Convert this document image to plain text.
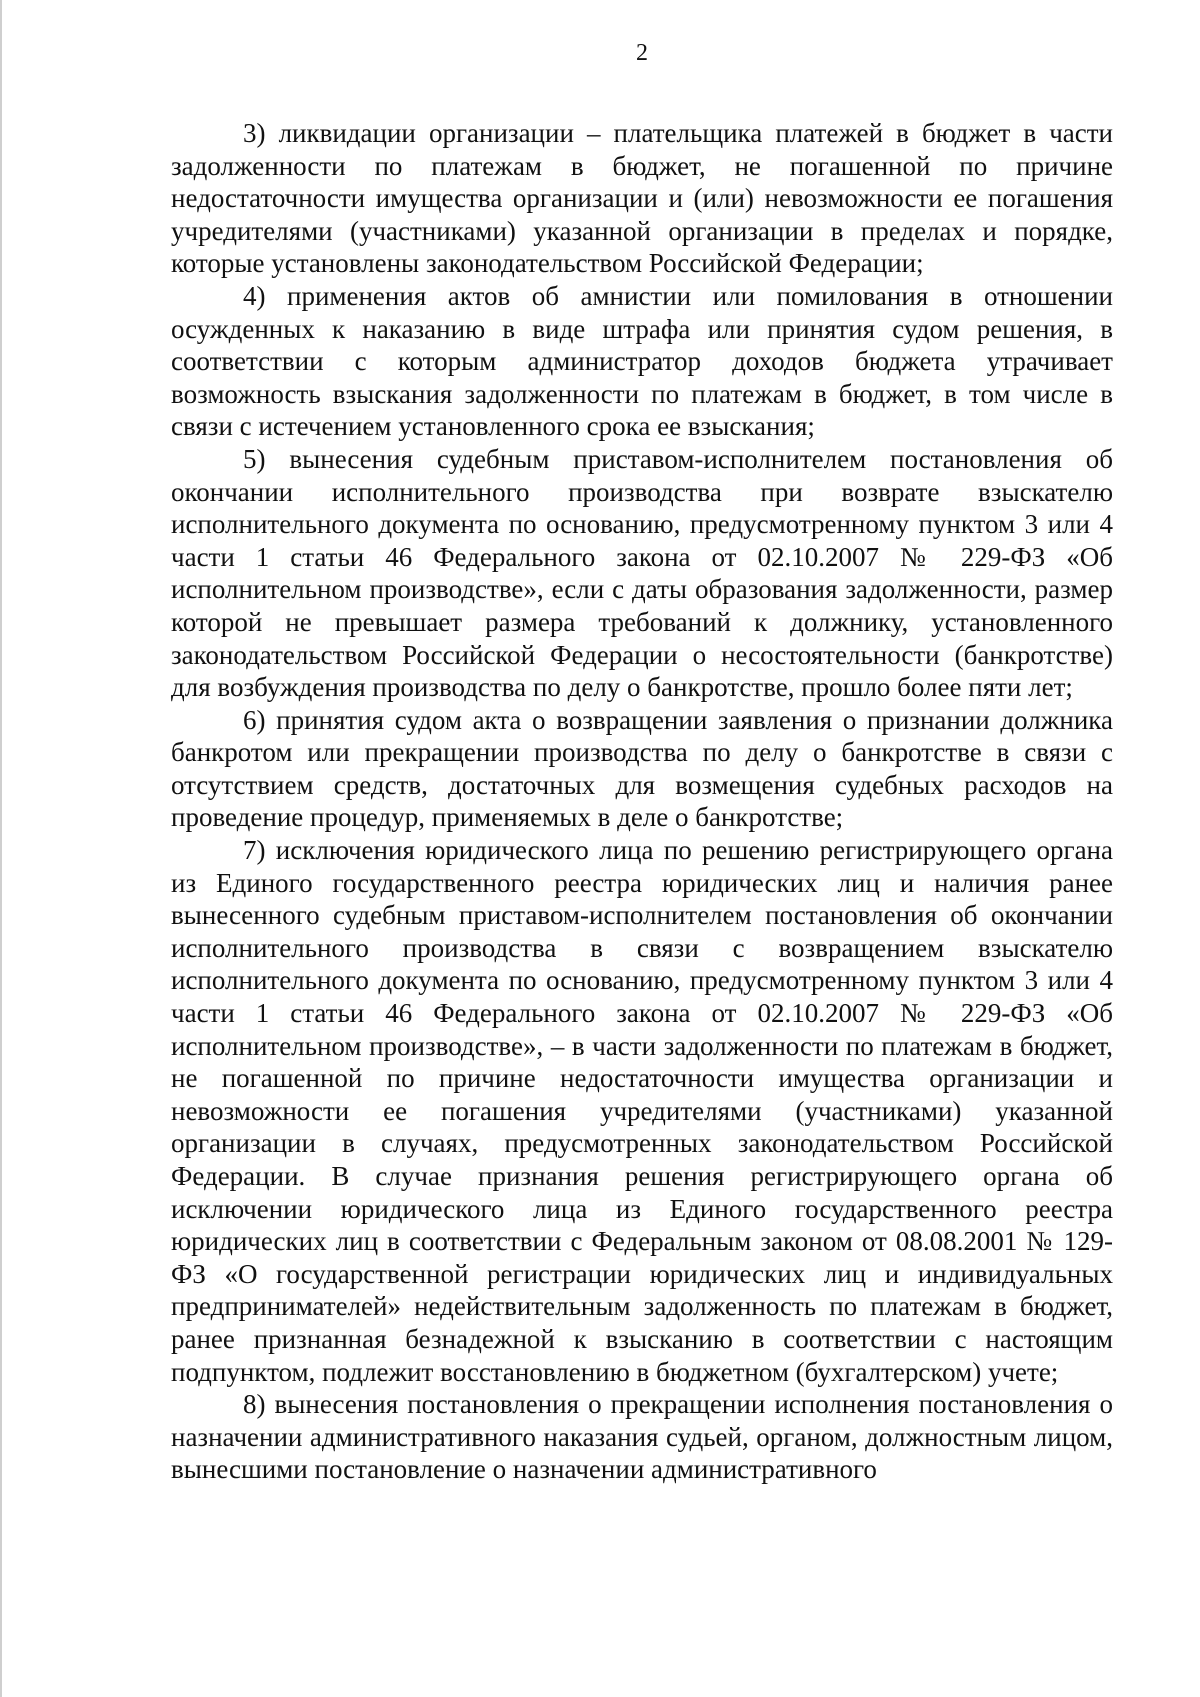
2

3) ликвидации организации – плательщика платежей в бюджет в части задолженности по платежам в бюджет, не погашенной по причине недостаточности имущества организации и (или) невозможности ее погашения учредителями (участниками) указанной организации в пределах и порядке, которые установлены законодательством Российской Федерации;

4) применения актов об амнистии или помилования в отношении осужденных к наказанию в виде штрафа или принятия судом решения, в соответствии с которым администратор доходов бюджета утрачивает возможность взыскания задолженности по платежам в бюджет, в том числе в связи с истечением установленного срока ее взыскания;

5) вынесения судебным приставом-исполнителем постановления об окончании исполнительного производства при возврате взыскателю исполнительного документа по основанию, предусмотренному пунктом 3 или 4 части 1 статьи 46 Федерального закона от 02.10.2007 № 229-ФЗ «Об исполнительном производстве», если с даты образования задолженности, размер которой не превышает размера требований к должнику, установленного законодательством Российской Федерации о несостоятельности (банкротстве) для возбуждения производства по делу о банкротстве, прошло более пяти лет;

6) принятия судом акта о возвращении заявления о признании должника банкротом или прекращении производства по делу о банкротстве в связи с отсутствием средств, достаточных для возмещения судебных расходов на проведение процедур, применяемых в деле о банкротстве;

7) исключения юридического лица по решению регистрирующего органа из Единого государственного реестра юридических лиц и наличия ранее вынесенного судебным приставом-исполнителем постановления об окончании исполнительного производства в связи с возвращением взыскателю исполнительного документа по основанию, предусмотренному пунктом 3 или 4 части 1 статьи 46 Федерального закона от 02.10.2007 № 229-ФЗ «Об исполнительном производстве», – в части задолженности по платежам в бюджет, не погашенной по причине недостаточности имущества организации и невозможности ее погашения учредителями (участниками) указанной организации в случаях, предусмотренных законодательством Российской Федерации. В случае признания решения регистрирующего органа об исключении юридического лица из Единого государственного реестра юридических лиц в соответствии с Федеральным законом от 08.08.2001 № 129-ФЗ «О государственной регистрации юридических лиц и индивидуальных предпринимателей» недействительным задолженность по платежам в бюджет, ранее признанная безнадежной к взысканию в соответствии с настоящим подпунктом, подлежит восстановлению в бюджетном (бухгалтерском) учете;

8) вынесения постановления о прекращении исполнения постановления о назначении административного наказания судьей, органом, должностным лицом, вынесшими постановление о назначении административного
